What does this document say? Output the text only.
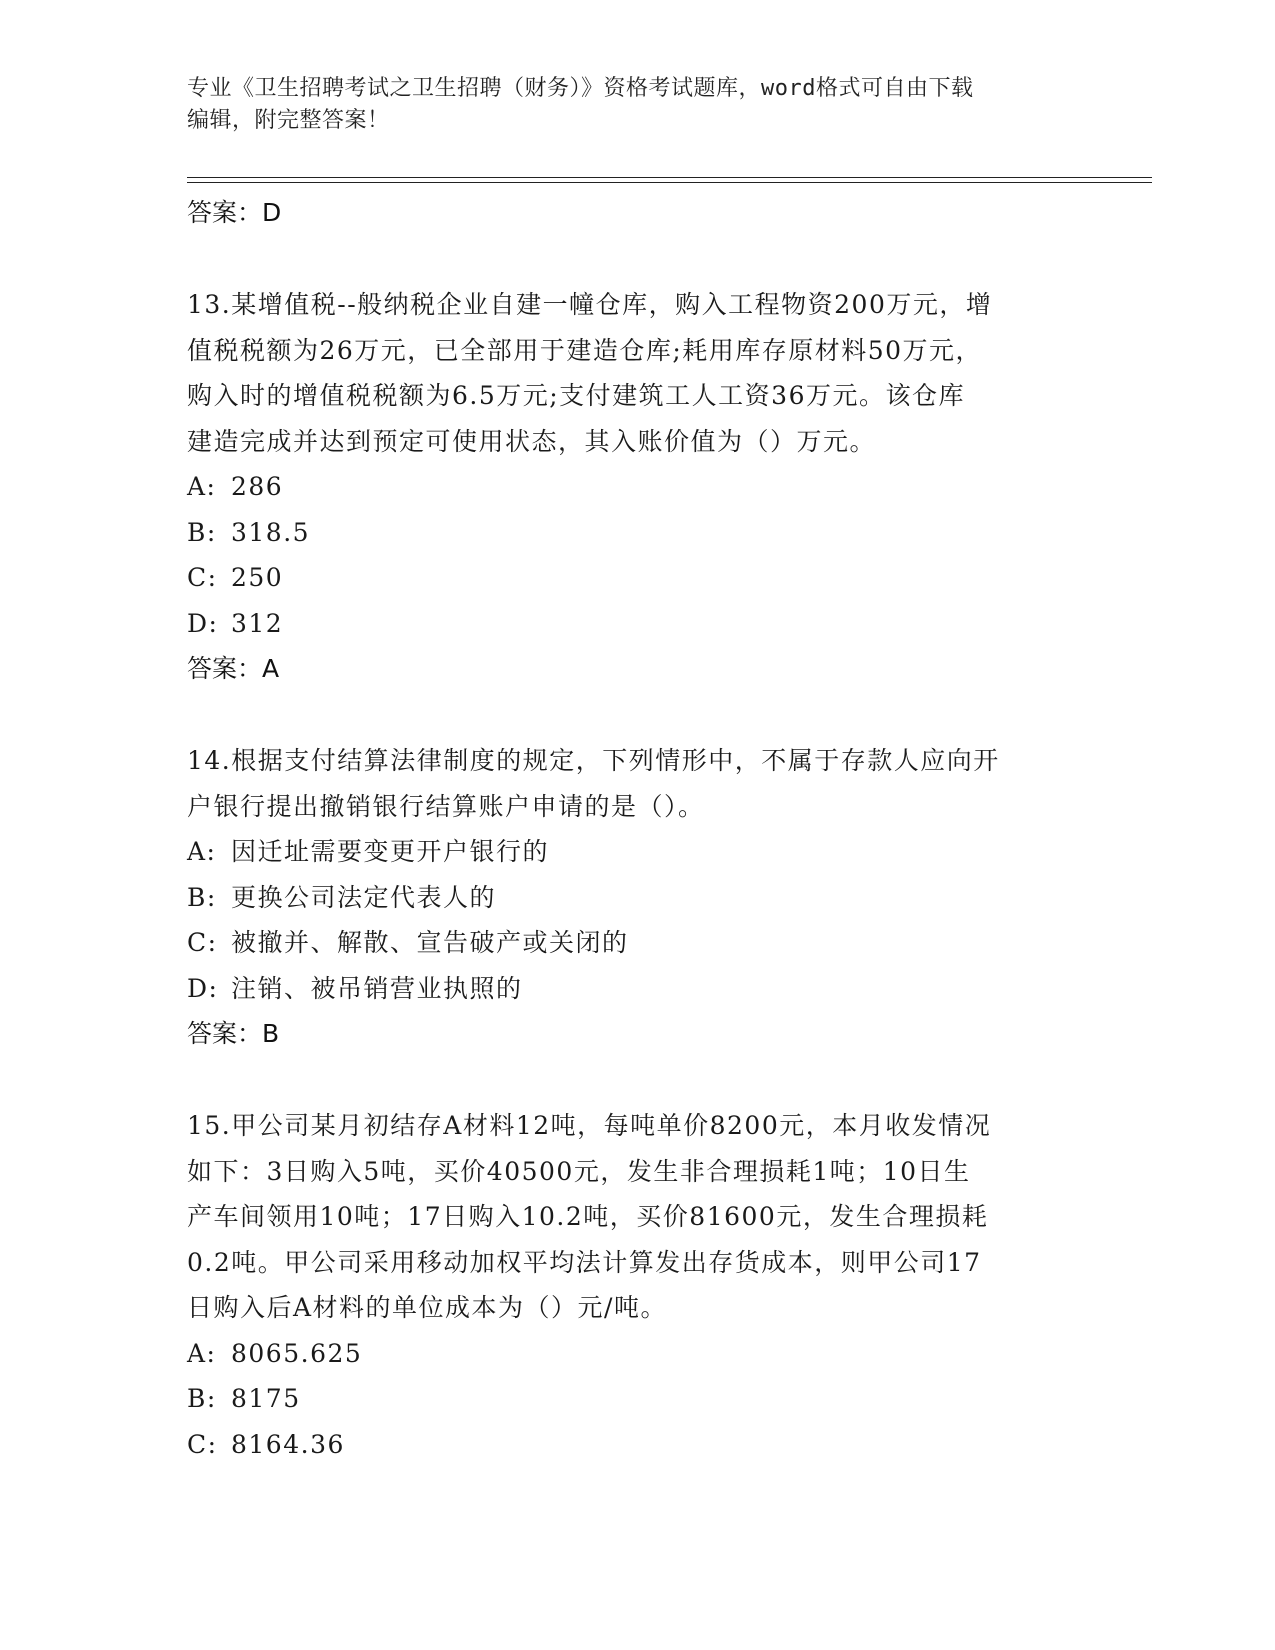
专业《卫生招聘考试之卫生招聘（财务）》资格考试题库，word格式可自由下载
编辑，附完整答案！
答案：D
13.某增值税--般纳税企业自建一幢仓库，购入工程物资200万元，增
值税税额为26万元，已全部用于建造仓库;耗用库存原材料50万元，
购入时的增值税税额为6.5万元;支付建筑工人工资36万元。该仓库
建造完成并达到预定可使用状态，其入账价值为（）万元。
A: 286
B: 318.5
C: 250
D: 312
答案：A
14.根据支付结算法律制度的规定，下列情形中，不属于存款人应向开
户银行提出撤销银行结算账户申请的是（）。
A: 因迁址需要变更开户银行的
B: 更换公司法定代表人的
C: 被撤并、解散、宣告破产或关闭的
D: 注销、被吊销营业执照的
答案：B
15.甲公司某月初结存A材料12吨，每吨单价8200元，本月收发情况
如下：3日购入5吨，买价40500元，发生非合理损耗1吨；10日生
产车间领用10吨；17日购入10.2吨，买价81600元，发生合理损耗
0.2吨。甲公司采用移动加权平均法计算发出存货成本，则甲公司17
日购入后A材料的单位成本为（）元/吨。
A: 8065.625
B: 8175
C: 8164.36
